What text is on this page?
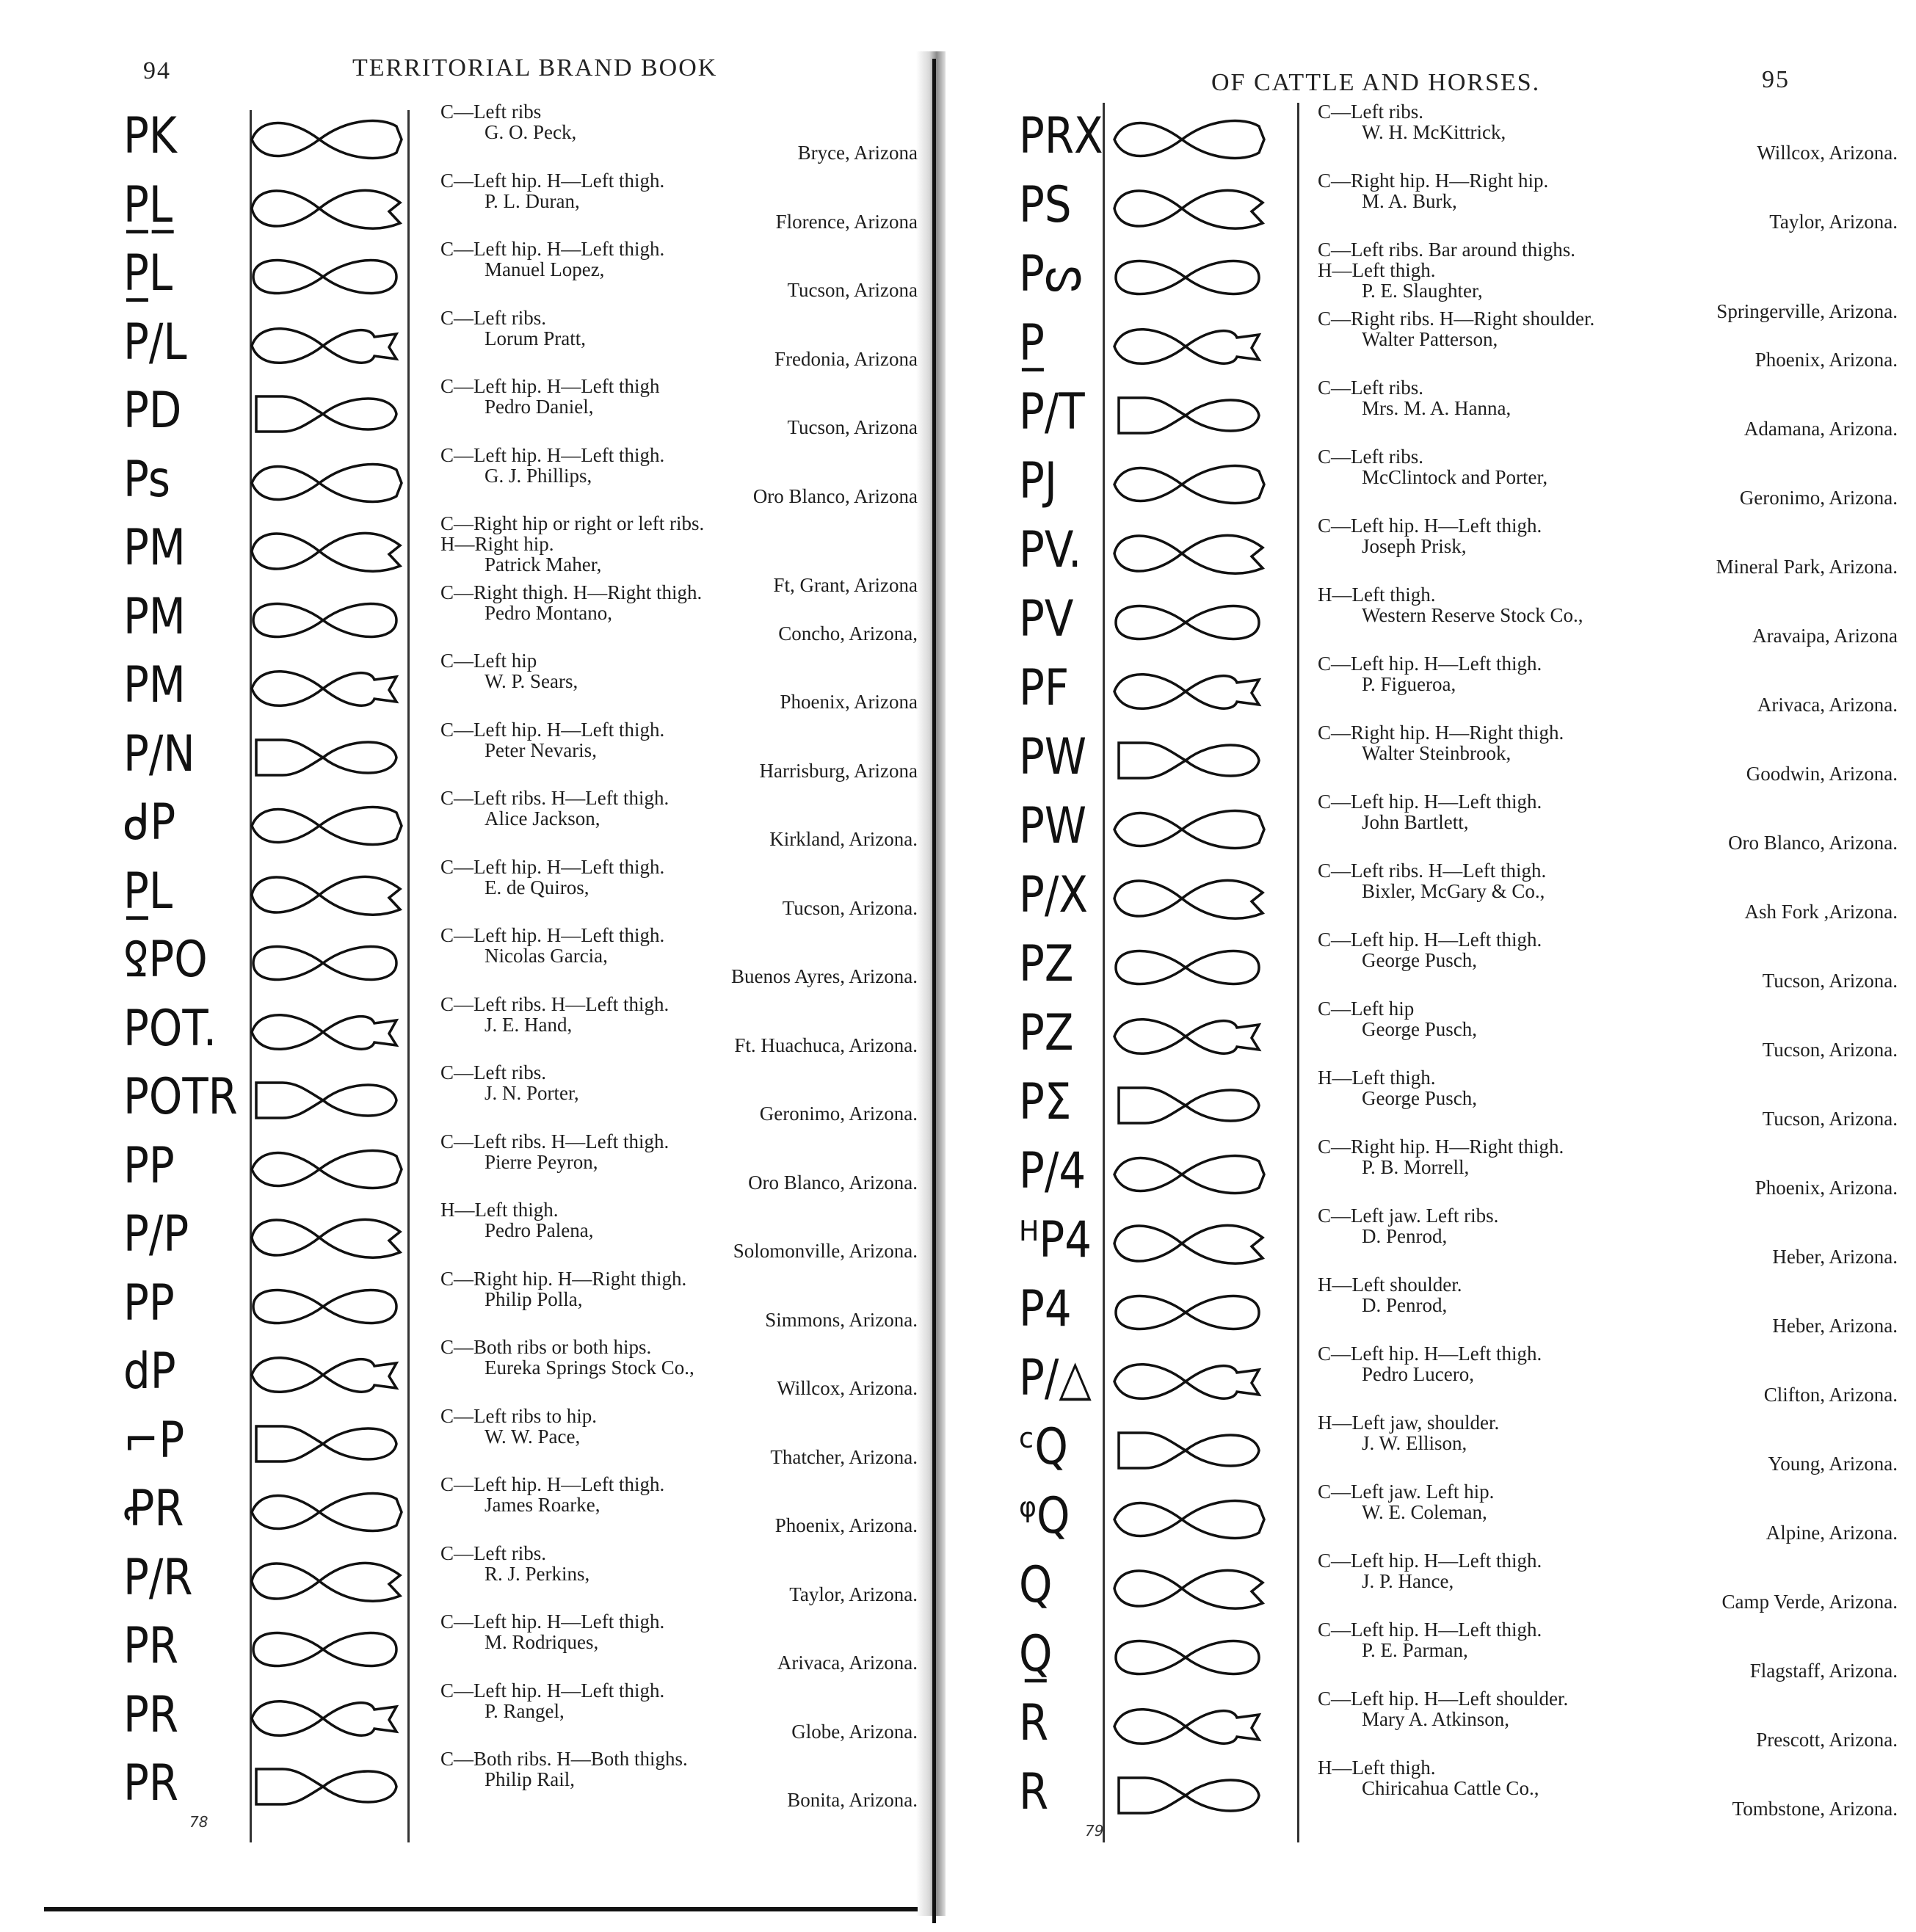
94	TERRITORIAL BRAND BOOK
PK	C—Left ribs
G. O. Peck,
Bryce, Arizona
P̲L̲	C—Left hip. H—Left thigh.
P. L. Duran,
Florence, Arizona
P̲L	C—Left hip. H—Left thigh.
Manuel Lopez,
Tucson, Arizona
P/L	C—Left ribs.
Lorum Pratt,
Fredonia, Arizona
PD	C—Left hip. H—Left thigh
Pedro Daniel,
Tucson, Arizona
Ps	C—Left hip. H—Left thigh.
G. J. Phillips,
Oro Blanco, Arizona
PM	C—Right hip or right or left ribs.
H—Right hip.
Patrick Maher,
Ft, Grant, Arizona
PM	C—Right thigh. H—Right thigh.
Pedro Montano,
Concho, Arizona,
PM	C—Left hip
W. P. Sears,
Phoenix, Arizona
P/N	C—Left hip. H—Left thigh.
Peter Nevaris,
Harrisburg, Arizona
ᑯP	C—Left ribs. H—Left thigh.
Alice Jackson,
Kirkland, Arizona.
P̲L	C—Left hip. H—Left thigh.
E. de Quiros,
Tucson, Arizona.
ꝾPO	C—Left hip. H—Left thigh.
Nicolas Garcia,
Buenos Ayres, Arizona.
POT.	C—Left ribs. H—Left thigh.
J. E. Hand,
Ft. Huachuca, Arizona.
POTR	C—Left ribs.
J. N. Porter,
Geronimo, Arizona.
PP	C—Left ribs. H—Left thigh.
Pierre Peyron,
Oro Blanco, Arizona.
P/P	H—Left thigh.
Pedro Palena,
Solomonville, Arizona.
PP	C—Right hip. H—Right thigh.
Philip Polla,
Simmons, Arizona.
dP	C—Both ribs or both hips.
Eureka Springs Stock Co.,
Willcox, Arizona.
⌐P	C—Left ribs to hip.
W. W. Pace,
Thatcher, Arizona.
ꝒR	C—Left hip. H—Left thigh.
James Roarke,
Phoenix, Arizona.
P/R	C—Left ribs.
R. J. Perkins,
Taylor, Arizona.
PR	C—Left hip. H—Left thigh.
M. Rodriques,
Arivaca, Arizona.
PR	C—Left hip. H—Left thigh.
P. Rangel,
Globe, Arizona.
PR	C—Both ribs. H—Both thighs.
Philip Rail,
Bonita, Arizona.
78
OF CATTLE AND HORSES.	95
PRX	C—Left ribs.
W. H. McKittrick,
Willcox, Arizona.
PS	C—Right hip. H—Right hip.
M. A. Burk,
Taylor, Arizona.
Pᔕ	C—Left ribs. Bar around thighs.
H—Left thigh.
P. E. Slaughter,
Springerville, Arizona.
P̲	C—Right ribs. H—Right shoulder.
Walter Patterson,
Phoenix, Arizona.
P/T	C—Left ribs.
Mrs. M. A. Hanna,
Adamana, Arizona.
PJ	C—Left ribs.
McClintock and Porter,
Geronimo, Arizona.
PV.	C—Left hip. H—Left thigh.
Joseph Prisk,
Mineral Park, Arizona.
PV	H—Left thigh.
Western Reserve Stock Co.,
Aravaipa, Arizona
PF	C—Left hip. H—Left thigh.
P. Figueroa,
Arivaca, Arizona.
PW	C—Right hip. H—Right thigh.
Walter Steinbrook,
Goodwin, Arizona.
PW	C—Left hip. H—Left thigh.
John Bartlett,
Oro Blanco, Arizona.
P/X	C—Left ribs. H—Left thigh.
Bixler, McGary & Co.,
Ash Fork ,Arizona.
PZ	C—Left hip. H—Left thigh.
George Pusch,
Tucson, Arizona.
PZ	C—Left hip
George Pusch,
Tucson, Arizona.
PΣ	H—Left thigh.
George Pusch,
Tucson, Arizona.
P/4	C—Right hip. H—Right thigh.
P. B. Morrell,
Phoenix, Arizona.
ᴴP4	C—Left jaw. Left ribs.
D. Penrod,
Heber, Arizona.
P4	H—Left shoulder.
D. Penrod,
Heber, Arizona.
P/△	C—Left hip. H—Left thigh.
Pedro Lucero,
Clifton, Arizona.
ᶜQ	H—Left jaw, shoulder.
J. W. Ellison,
Young, Arizona.
ᵠQ	C—Left jaw. Left hip.
W. E. Coleman,
Alpine, Arizona.
Q	C—Left hip. H—Left thigh.
J. P. Hance,
Camp Verde, Arizona.
Q̲	C—Left hip. H—Left thigh.
P. E. Parman,
Flagstaff, Arizona.
R	C—Left hip. H—Left shoulder.
Mary A. Atkinson,
Prescott, Arizona.
R	H—Left thigh.
Chiricahua Cattle Co.,
Tombstone, Arizona.
79
